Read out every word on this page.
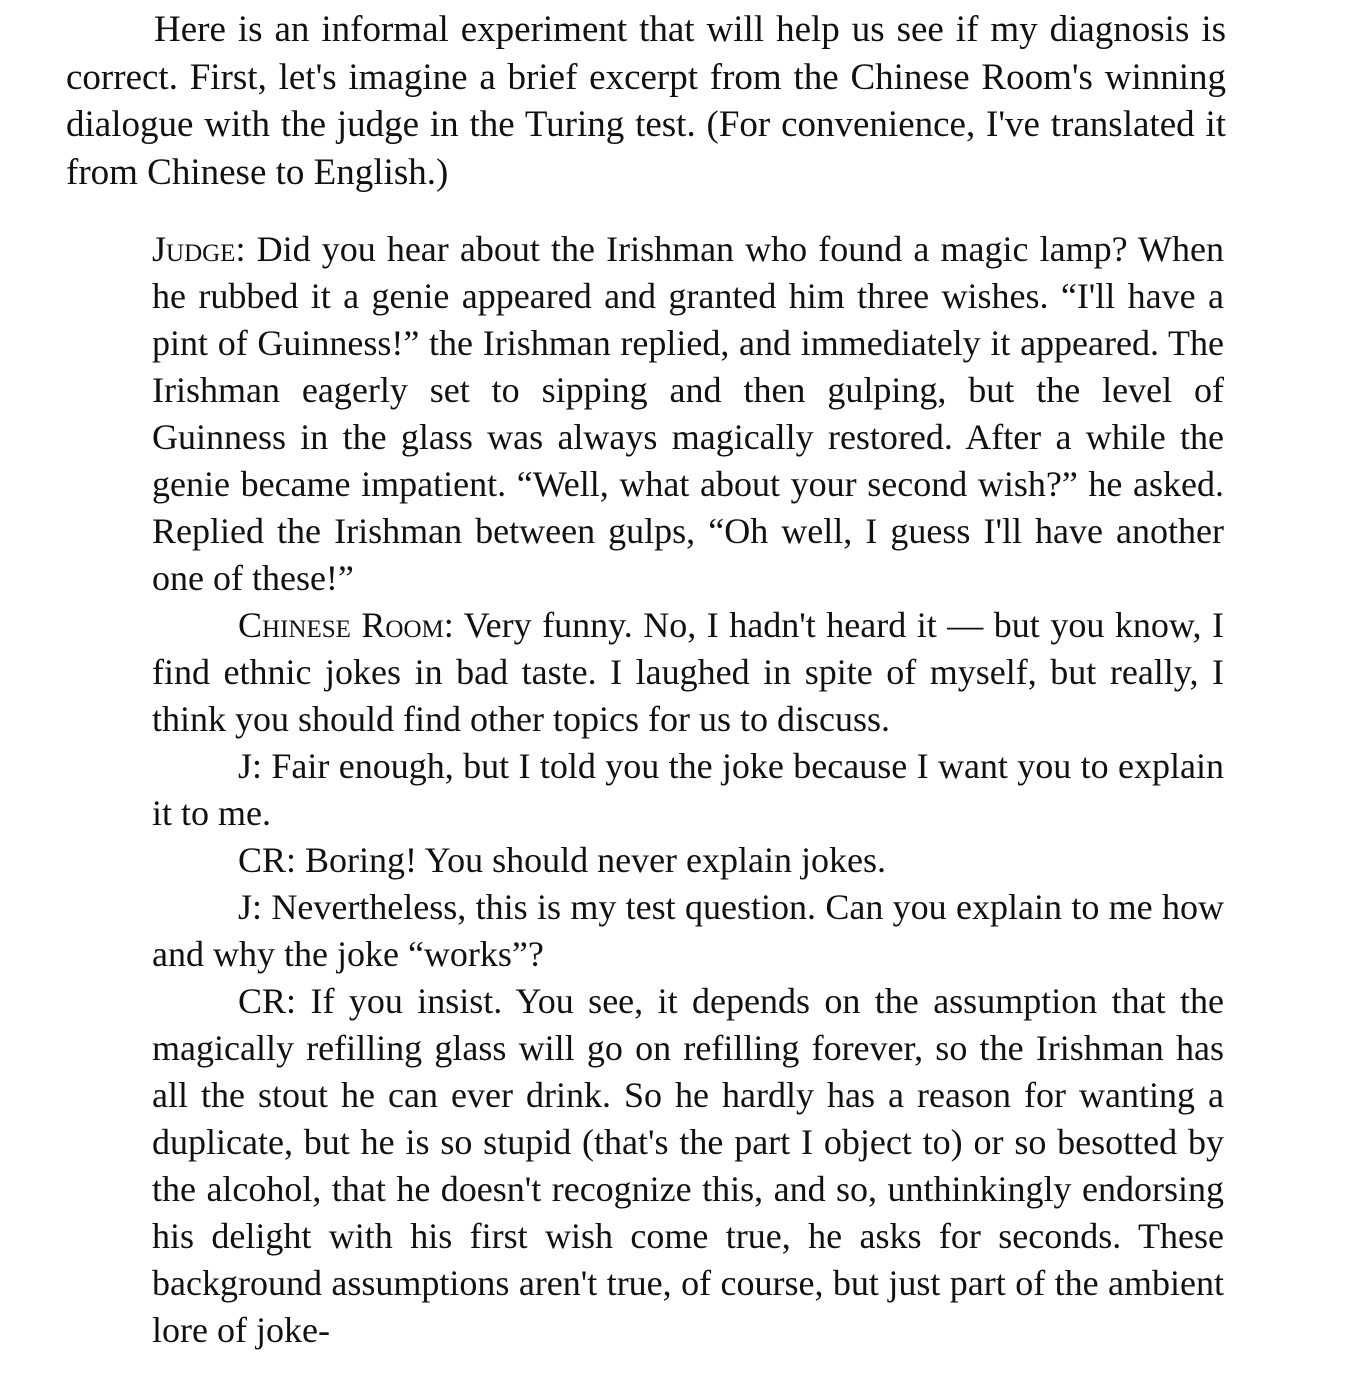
Here is an informal experiment that will help us see if my diagnosis is correct. First, let's imagine a brief excerpt from the Chinese Room's winning dialogue with the judge in the Turing test. (For convenience, I've translated it from Chinese to English.)

Judge: Did you hear about the Irishman who found a magic lamp? When he rubbed it a genie appeared and granted him three wishes. “I'll have a pint of Guinness!” the Irishman replied, and immediately it appeared. The Irishman eagerly set to sipping and then gulping, but the level of Guinness in the glass was always magically restored. After a while the genie became impatient. “Well, what about your second wish?” he asked. Replied the Irishman between gulps, “Oh well, I guess I'll have another one of these!”

Chinese Room: Very funny. No, I hadn't heard it — but you know, I find ethnic jokes in bad taste. I laughed in spite of myself, but really, I think you should find other topics for us to discuss.

J: Fair enough, but I told you the joke because I want you to explain it to me.

CR: Boring! You should never explain jokes.

J: Nevertheless, this is my test question. Can you explain to me how and why the joke “works”?

CR: If you insist. You see, it depends on the assumption that the magically refilling glass will go on refilling forever, so the Irishman has all the stout he can ever drink. So he hardly has a reason for wanting a duplicate, but he is so stupid (that's the part I object to) or so besotted by the alcohol, that he doesn't recognize this, and so, unthinkingly endorsing his delight with his first wish come true, he asks for seconds. These background assumptions aren't true, of course, but just part of the ambient lore of joke-
